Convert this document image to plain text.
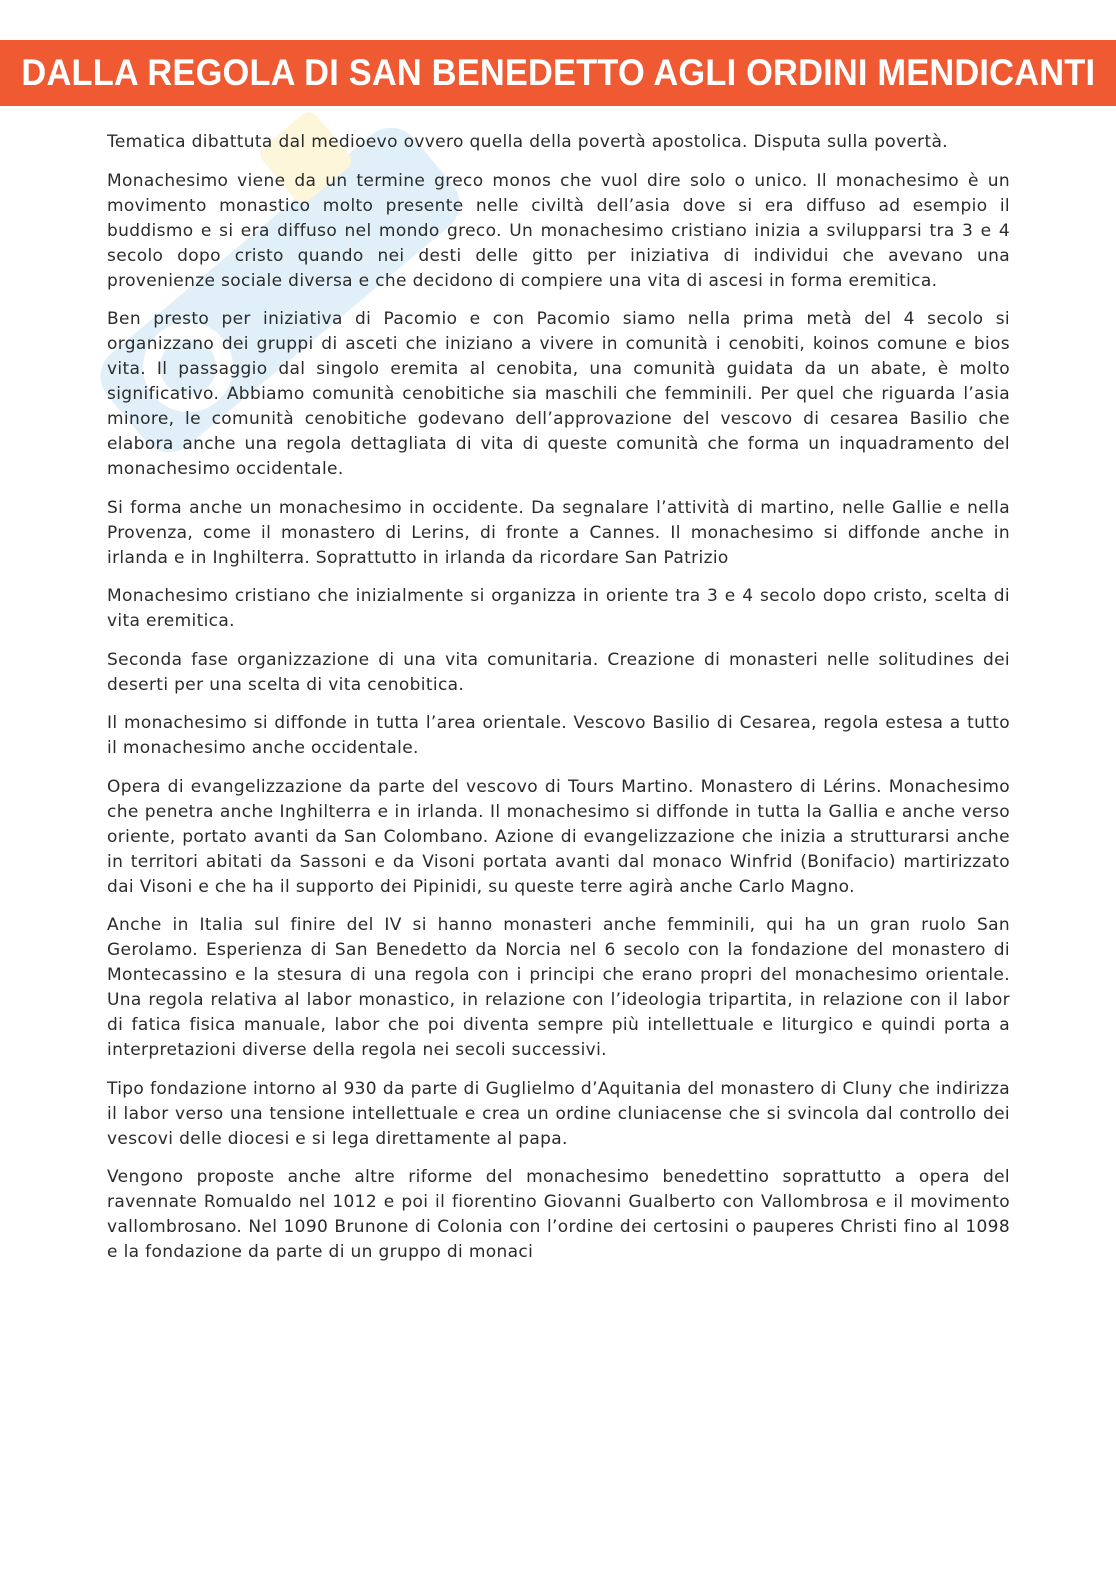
DALLA REGOLA DI SAN BENEDETTO AGLI ORDINI MENDICANTI

Tematica dibattuta dal medioevo ovvero quella della povertà apostolica. Disputa sulla povertà.

Monachesimo viene da un termine greco monos che vuol dire solo o unico. Il monachesimo è un movimento monastico molto presente nelle civiltà dell’asia dove si era diffuso ad esempio il buddismo e si era diffuso nel mondo greco. Un monachesimo cristiano inizia a svilupparsi tra 3 e 4 secolo dopo cristo quando nei desti delle gitto per iniziativa di individui che avevano una provenienze sociale diversa e che decidono di compiere una vita di ascesi in forma eremitica.

Ben presto per iniziativa di Pacomio e con Pacomio siamo nella prima metà del 4 secolo si organizzano dei gruppi di asceti che iniziano a vivere in comunità i cenobiti, koinos comune e bios vita. Il passaggio dal singolo eremita al cenobita, una comunità guidata da un abate, è molto significativo. Abbiamo comunità cenobitiche sia maschili che femminili. Per quel che riguarda l’asia minore, le comunità cenobitiche godevano dell’approvazione del vescovo di cesarea Basilio che elabora anche una regola dettagliata di vita di queste comunità che forma un inquadramento del monachesimo occidentale.

Si forma anche un monachesimo in occidente. Da segnalare l’attività di martino, nelle Gallie e nella Provenza, come il monastero di Lerins, di fronte a Cannes. Il monachesimo si diffonde anche in irlanda e in Inghilterra. Soprattutto in irlanda da ricordare San Patrizio

Monachesimo cristiano che inizialmente si organizza in oriente tra 3 e 4 secolo dopo cristo, scelta di vita eremitica.

Seconda fase organizzazione di una vita comunitaria. Creazione di monasteri nelle solitudines dei deserti per una scelta di vita cenobitica.

Il monachesimo si diffonde in tutta l’area orientale. Vescovo Basilio di Cesarea, regola estesa a tutto il monachesimo anche occidentale.

Opera di evangelizzazione da parte del vescovo di Tours Martino. Monastero di Lérins. Monachesimo che penetra anche Inghilterra e in irlanda. Il monachesimo si diffonde in tutta la Gallia e anche verso oriente, portato avanti da San Colombano. Azione di evangelizzazione che inizia a strutturarsi anche in territori abitati da Sassoni e da Visoni portata avanti dal monaco Winfrid (Bonifacio) martirizzato dai Visoni e che ha il supporto dei Pipinidi, su queste terre agirà anche Carlo Magno.

Anche in Italia sul finire del IV si hanno monasteri anche femminili, qui ha un gran ruolo San Gerolamo. Esperienza di San Benedetto da Norcia nel 6 secolo con la fondazione del monastero di Montecassino e la stesura di una regola con i principi che erano propri del monachesimo orientale. Una regola relativa al labor monastico, in relazione con l’ideologia tripartita, in relazione con il labor di fatica fisica manuale, labor che poi diventa sempre più intellettuale e liturgico e quindi porta a interpretazioni diverse della regola nei secoli successivi.

Tipo fondazione intorno al 930 da parte di Guglielmo d’Aquitania del monastero di Cluny che indirizza il labor verso una tensione intellettuale e crea un ordine cluniacense che si svincola dal controllo dei vescovi delle diocesi e si lega direttamente al papa.

Vengono proposte anche altre riforme del monachesimo benedettino soprattutto a opera del ravennate Romualdo nel 1012 e poi il fiorentino Giovanni Gualberto con Vallombrosa e il movimento vallombrosano. Nel 1090 Brunone di Colonia con l’ordine dei certosini o pauperes Christi fino al 1098 e la fondazione da parte di un gruppo di monaci
